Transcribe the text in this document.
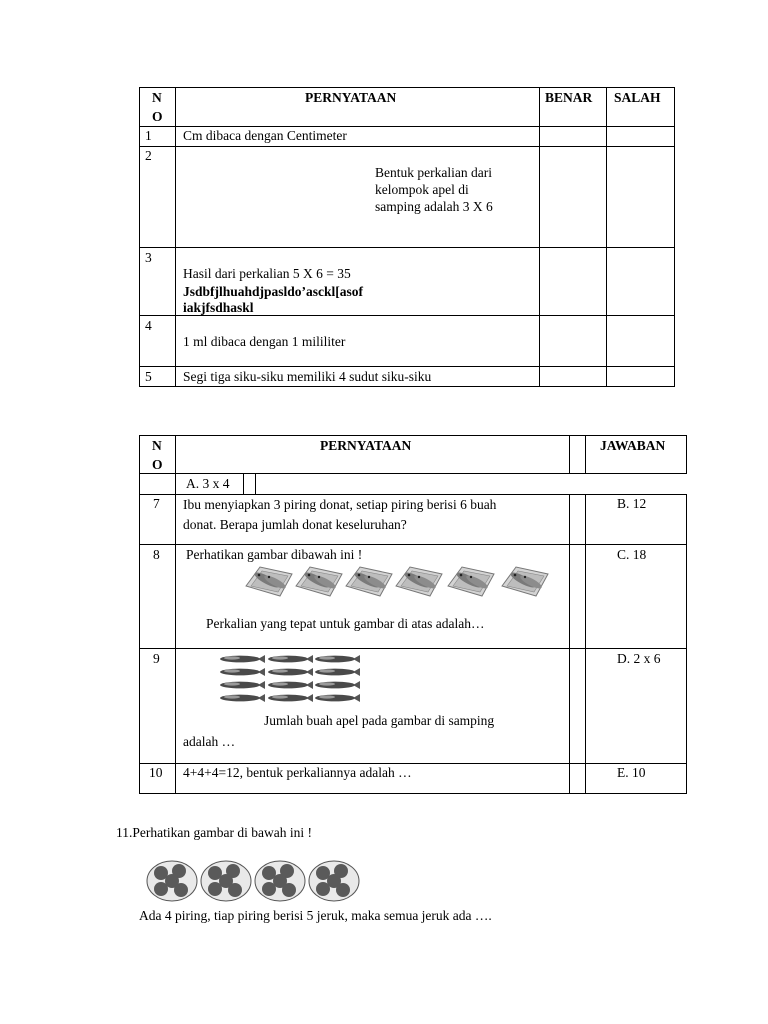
N
O
PERNYATAAN	BENAR SALAH
1 Cm dibaca dengan Centimeter
2
Bentuk perkalian dari
kelompok apel di
samping adalah 3 X 6
3
Hasil dari perkalian 5 X 6 = 35
Jsdbfjlhuahdjpasldo’asckl[asof
iakjfsdhaskl
4
1 ml dibaca dengan 1 mililiter
5 Segi tiga siku-siku memiliki 4 sudut siku-siku
N
O
PERNYATAAN	JAWABAN
A. 3 x 4
7 Ibu menyiapkan 3 piring donat, setiap piring berisi 6 buah
donat. Berapa jumlah donat keseluruhan?
B. 12
8 Perhatikan gambar dibawah ini !
Perkalian yang tepat untuk gambar di atas adalah…
C. 18
9
Jumlah buah apel pada gambar di samping
adalah …
D. 2 x 6
10 4+4+4=12, bentuk perkaliannya adalah …	E. 10
11.Perhatikan gambar di bawah ini !
Ada 4 piring, tiap piring berisi 5 jeruk, maka semua jeruk ada ….
